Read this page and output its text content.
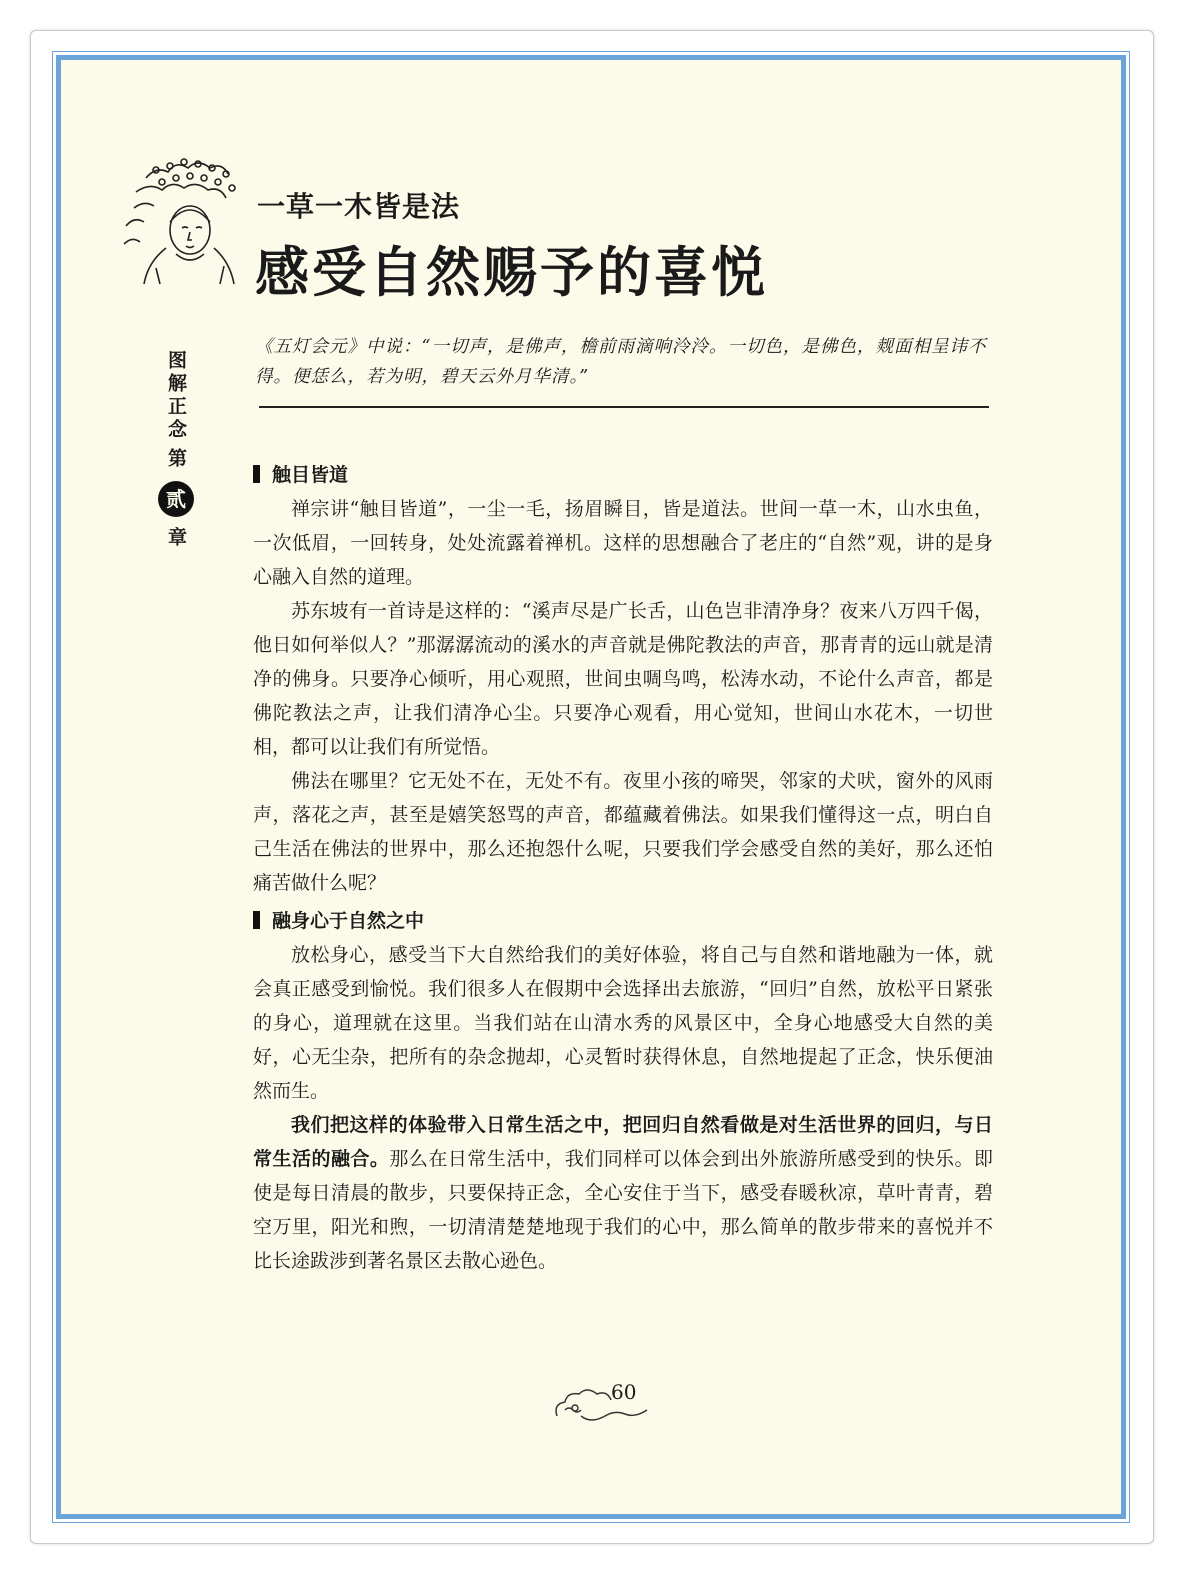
图解正念
第
贰
章
一草一木皆是法
感受自然赐予的喜悦
《五灯会元》中说：“一切声，是佛声，檐前雨滴响泠泠。一切色，是佛色，觌面相呈讳不得。便恁么，若为明，碧天云外月华清。”
触目皆道

禅宗讲“触目皆道”，一尘一毛，扬眉瞬目，皆是道法。世间一草一木，山水虫鱼，一次低眉，一回转身，处处流露着禅机。这样的思想融合了老庄的“自然”观，讲的是身心融入自然的道理。

苏东坡有一首诗是这样的：“溪声尽是广长舌，山色岂非清净身？夜来八万四千偈，他日如何举似人？”那潺潺流动的溪水的声音就是佛陀教法的声音，那青青的远山就是清净的佛身。只要净心倾听，用心观照，世间虫啁鸟鸣，松涛水动，不论什么声音，都是佛陀教法之声，让我们清净心尘。只要净心观看，用心觉知，世间山水花木，一切世相，都可以让我们有所觉悟。

佛法在哪里？它无处不在，无处不有。夜里小孩的啼哭，邻家的犬吠，窗外的风雨声，落花之声，甚至是嬉笑怒骂的声音，都蕴藏着佛法。如果我们懂得这一点，明白自己生活在佛法的世界中，那么还抱怨什么呢，只要我们学会感受自然的美好，那么还怕痛苦做什么呢？

融身心于自然之中

放松身心，感受当下大自然给我们的美好体验，将自己与自然和谐地融为一体，就会真正感受到愉悦。我们很多人在假期中会选择出去旅游，“回归”自然，放松平日紧张的身心，道理就在这里。当我们站在山清水秀的风景区中，全身心地感受大自然的美好，心无尘杂，把所有的杂念抛却，心灵暂时获得休息，自然地提起了正念，快乐便油然而生。

我们把这样的体验带入日常生活之中，把回归自然看做是对生活世界的回归，与日常生活的融合。那么在日常生活中，我们同样可以体会到出外旅游所感受到的快乐。即使是每日清晨的散步，只要保持正念，全心安住于当下，感受春暖秋凉，草叶青青，碧空万里，阳光和煦，一切清清楚楚地现于我们的心中，那么简单的散步带来的喜悦并不比长途跋涉到著名景区去散心逊色。

60
